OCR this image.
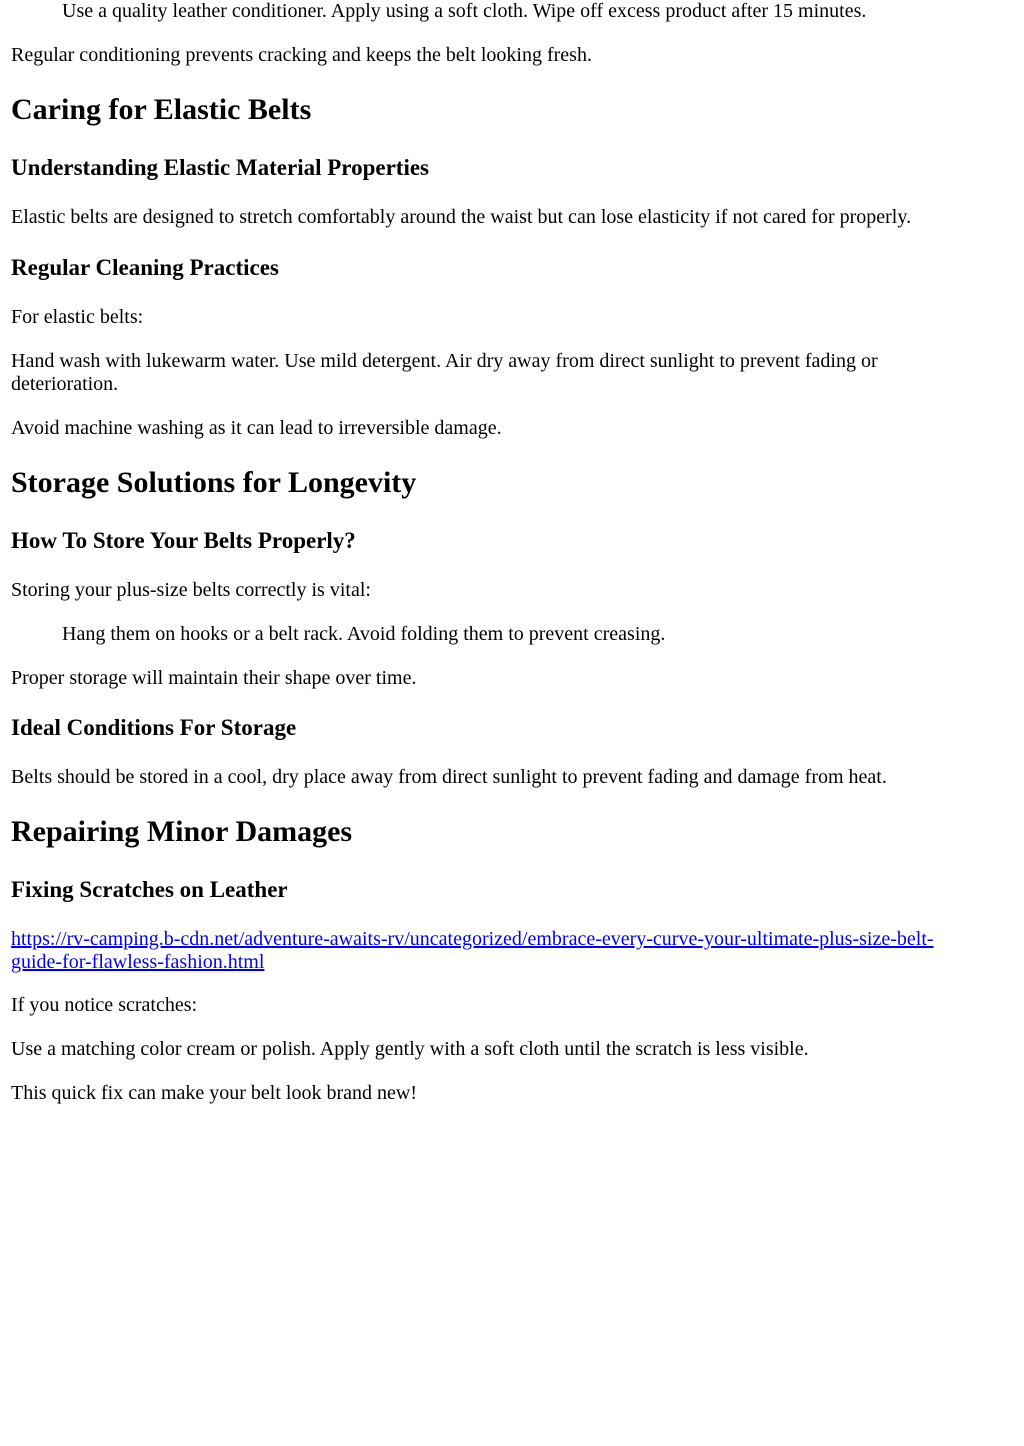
Use a quality leather conditioner. Apply using a soft cloth. Wipe off excess product after 15 minutes.

Regular conditioning prevents cracking and keeps the belt looking fresh.

Caring for Elastic Belts
Understanding Elastic Material Properties

Elastic belts are designed to stretch comfortably around the waist but can lose elasticity if not cared for properly.

Regular Cleaning Practices

For elastic belts:

Hand wash with lukewarm water. Use mild detergent. Air dry away from direct sunlight to prevent fading or deterioration.

Avoid machine washing as it can lead to irreversible damage.

Storage Solutions for Longevity
How To Store Your Belts Properly?

Storing your plus-size belts correctly is vital:

Hang them on hooks or a belt rack. Avoid folding them to prevent creasing.

Proper storage will maintain their shape over time.

Ideal Conditions For Storage

Belts should be stored in a cool, dry place away from direct sunlight to prevent fading and damage from heat.

Repairing Minor Damages
Fixing Scratches on Leather

https://rv-camping.b-cdn.net/adventure-awaits-rv/uncategorized/embrace-every-curve-your-ultimate-plus-size-belt-guide-for-flawless-fashion.html

If you notice scratches:

Use a matching color cream or polish. Apply gently with a soft cloth until the scratch is less visible.

This quick fix can make your belt look brand new!
